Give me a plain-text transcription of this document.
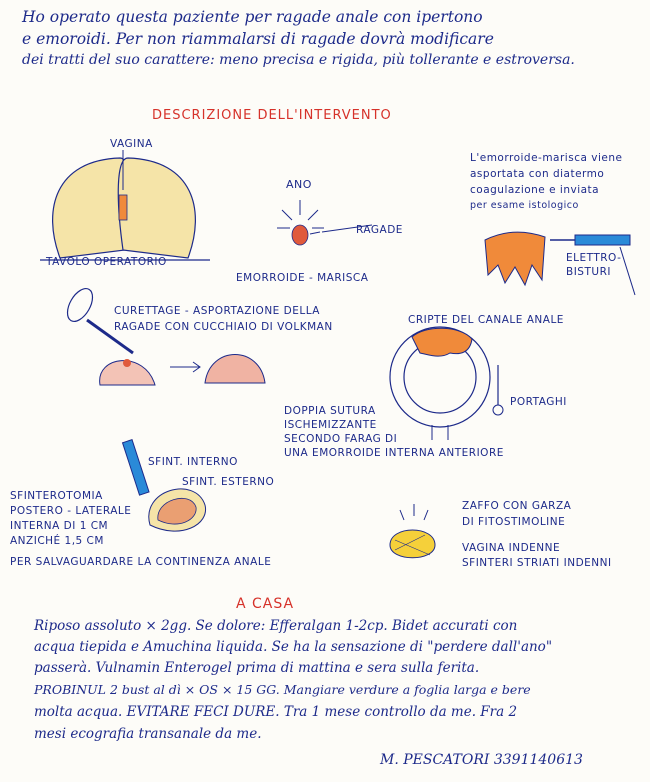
Ho operato questa paziente per ragade anale con ipertono
e emoroidi. Per non riammalarsi di ragade dovrà modificare
dei tratti del suo carattere: meno precisa e rigida, più tollerante e estroversa.
DESCRIZIONE DELL'INTERVENTO
VAGINA
TAVOLO OPERATORIO
ANO
RAGADE
EMORROIDE - MARISCA
L'emorroide-marisca viene
asportata con diatermo
coagulazione e inviata
per esame istologico
ELETTRO-
BISTURI
CURETTAGE - ASPORTAZIONE DELLA
RAGADE CON CUCCHIAIO DI VOLKMAN
CRIPTE DEL CANALE ANALE
PORTAGHI
DOPPIA SUTURA
ISCHEMIZZANTE
SECONDO FARAG DI
UNA EMORROIDE INTERNA ANTERIORE
SFINT. INTERNO
SFINT. ESTERNO
SFINTEROTOMIA
POSTERO - LATERALE
INTERNA DI 1 CM
ANZICHÉ 1,5 CM
PER SALVAGUARDARE LA CONTINENZA ANALE
ZAFFO CON GARZA
DI FITOSTIMOLINE
VAGINA INDENNE
SFINTERI STRIATI INDENNI
A CASA
Riposo assoluto × 2gg. Se dolore: Efferalgan 1-2cp. Bidet accurati con
acqua tiepida e Amuchina liquida. Se ha la sensazione di "perdere dall'ano"
passerà. Vulnamin Enterogel prima di mattina e sera sulla ferita.
PROBINUL 2 bust al dì × OS × 15 GG. Mangiare verdure a foglia larga e bere
molta acqua. EVITARE FECI DURE. Tra 1 mese controllo da me. Fra 2
mesi ecografia transanale da me.
M. PESCATORI 3391140613
